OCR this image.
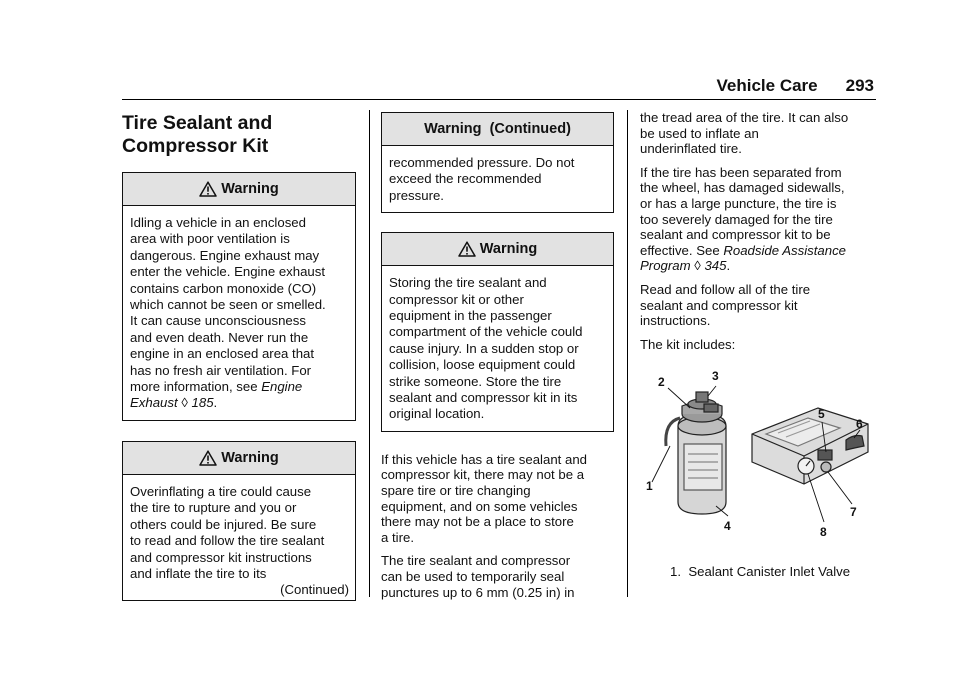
Vehicle Care 293
Tire Sealant and
Compressor Kit
Warning
Idling a vehicle in an enclosed
area with poor ventilation is
dangerous. Engine exhaust may
enter the vehicle. Engine exhaust
contains carbon monoxide (CO)
which cannot be seen or smelled.
It can cause unconsciousness
and even death. Never run the
engine in an enclosed area that
has no fresh air ventilation. For
more information, see Engine
Exhaust ◊ 185.
Warning
Overinflating a tire could cause
the tire to rupture and you or
others could be injured. Be sure
to read and follow the tire sealant
and compressor kit instructions
and inflate the tire to its
(Continued)
Warning  (Continued)
recommended pressure. Do not
exceed the recommended
pressure.
Warning
Storing the tire sealant and
compressor kit or other
equipment in the passenger
compartment of the vehicle could
cause injury. In a sudden stop or
collision, loose equipment could
strike someone. Store the tire
sealant and compressor kit in its
original location.
If this vehicle has a tire sealant and
compressor kit, there may not be a
spare tire or tire changing
equipment, and on some vehicles
there may not be a place to store
a tire.
The tire sealant and compressor
can be used to temporarily seal
punctures up to 6 mm (0.25 in) in
the tread area of the tire. It can also
be used to inflate an
underinflated tire.
If the tire has been separated from
the wheel, has damaged sidewalls,
or has a large puncture, the tire is
too severely damaged for the tire
sealant and compressor kit to be
effective. See Roadside Assistance
Program ◊ 345.
Read and follow all of the tire
sealant and compressor kit
instructions.
The kit includes:
1
2	3
4
5
6
7
8
1.  Sealant Canister Inlet Valve
